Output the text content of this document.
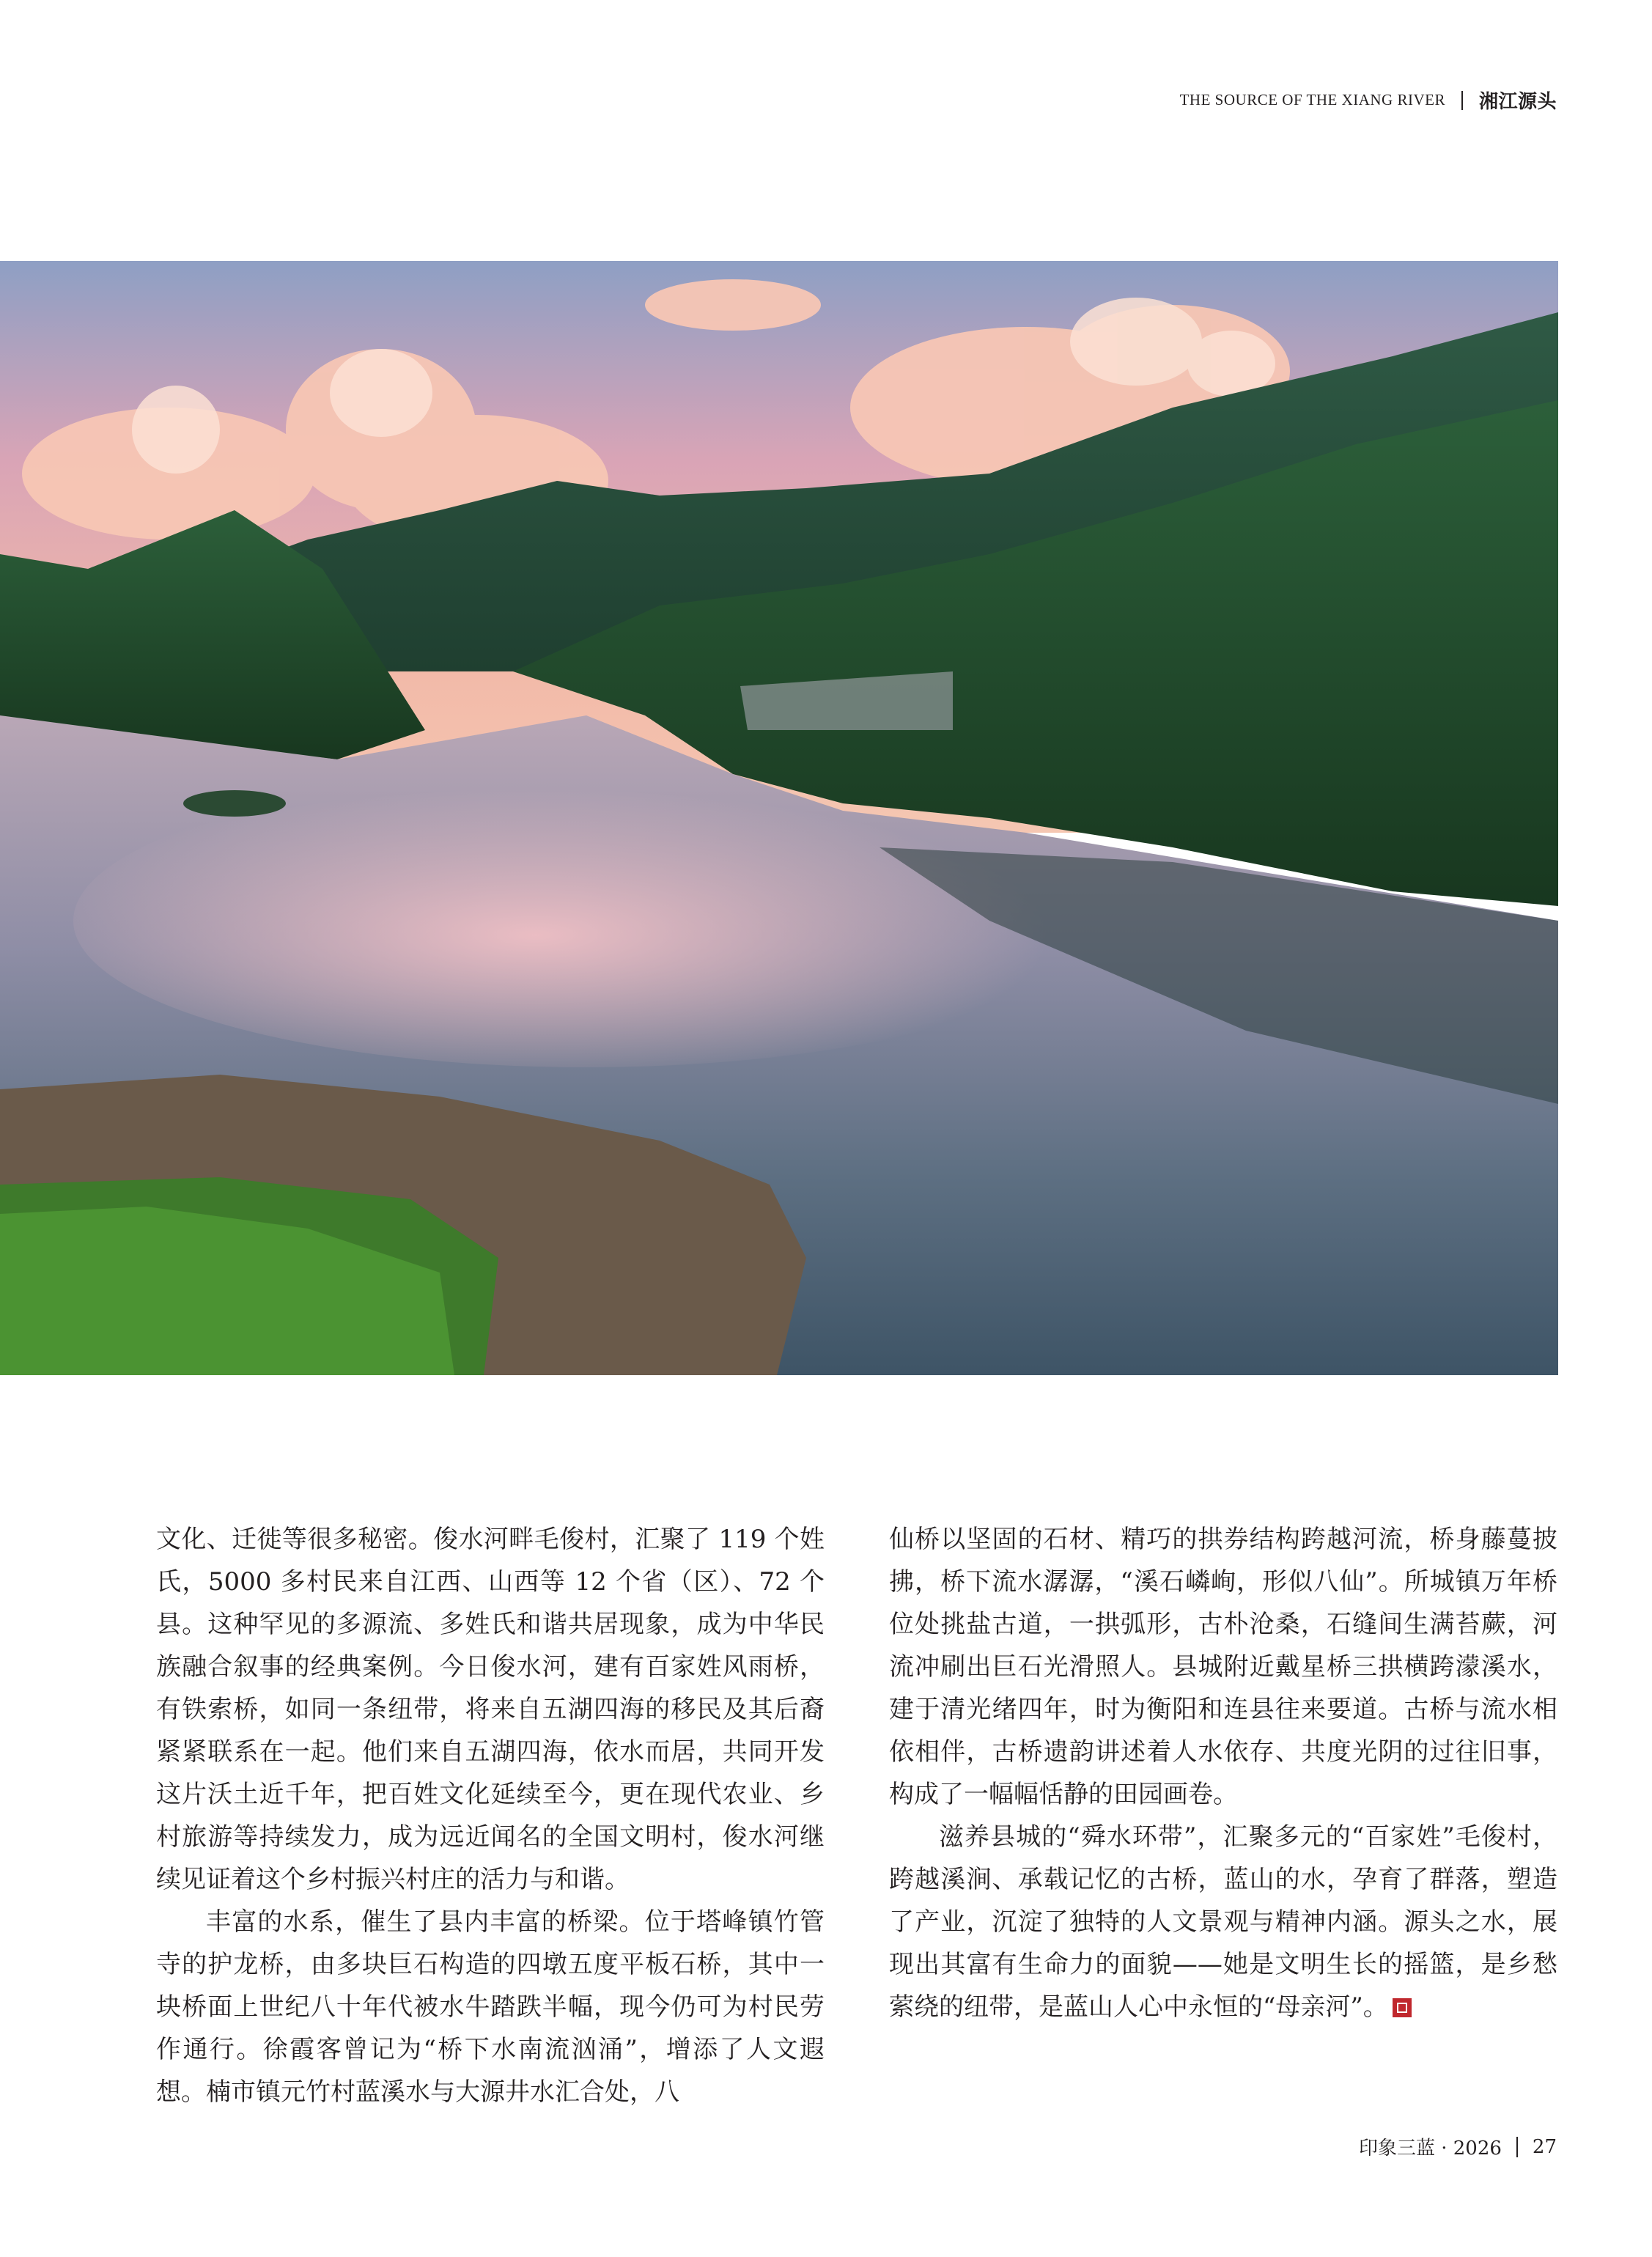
THE SOURCE OF THE XIANG RIVER 湘江源头

文化、迁徙等很多秘密。俊水河畔毛俊村，汇聚了 119 个姓氏，5000 多村民来自江西、山西等 12 个省（区）、72 个县。这种罕见的多源流、多姓氏和谐共居现象，成为中华民族融合叙事的经典案例。今日俊水河，建有百家姓风雨桥，有铁索桥，如同一条纽带，将来自五湖四海的移民及其后裔紧紧联系在一起。他们来自五湖四海，依水而居，共同开发这片沃土近千年，把百姓文化延续至今，更在现代农业、乡村旅游等持续发力，成为远近闻名的全国文明村，俊水河继续见证着这个乡村振兴村庄的活力与和谐。

丰富的水系，催生了县内丰富的桥梁。位于塔峰镇竹管寺的护龙桥，由多块巨石构造的四墩五度平板石桥，其中一块桥面上世纪八十年代被水牛踏跌半幅，现今仍可为村民劳作通行。徐霞客曾记为“桥下水南流汹涌”，增添了人文遐想。楠市镇元竹村蓝溪水与大源井水汇合处，八

仙桥以坚固的石材、精巧的拱券结构跨越河流，桥身藤蔓披拂，桥下流水潺潺，“溪石嶙峋，形似八仙”。所城镇万年桥位处挑盐古道，一拱弧形，古朴沧桑，石缝间生满苔蕨，河流冲刷出巨石光滑照人。县城附近戴星桥三拱横跨濛溪水，建于清光绪四年，时为衡阳和连县往来要道。古桥与流水相依相伴，古桥遗韵讲述着人水依存、共度光阴的过往旧事，构成了一幅幅恬静的田园画卷。

滋养县城的“舜水环带”，汇聚多元的“百家姓”毛俊村，跨越溪涧、承载记忆的古桥，蓝山的水，孕育了群落，塑造了产业，沉淀了独特的人文景观与精神内涵。源头之水，展现出其富有生命力的面貌——她是文明生长的摇篮，是乡愁萦绕的纽带，是蓝山人心中永恒的“母亲河”。

印象三蓝 · 2026 27
